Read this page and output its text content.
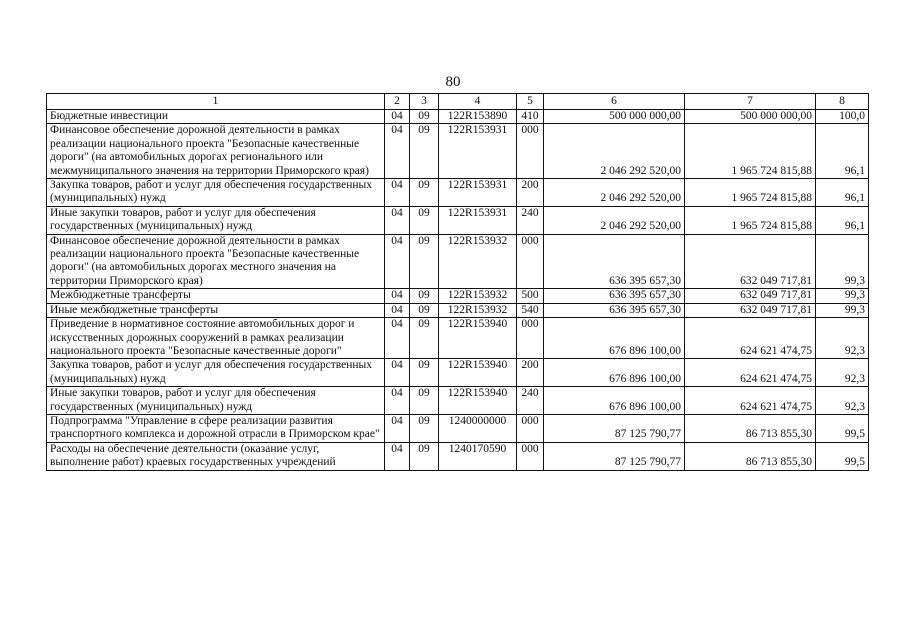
80
1	2	3	4	5	6	7	8
Бюджетные инвестиции	04	09	122R153890	410	500 000 000,00	500 000 000,00	100,0
Финансовое обеспечение дорожной деятельности в рамках реализации национального проекта "Безопасные качественные дороги" (на автомобильных дорогах регионального или межмуниципального значения на территории Приморского края)	04	09	122R153931	000	2 046 292 520,00	1 965 724 815,88	96,1
Закупка товаров, работ и услуг для обеспечения государственных (муниципальных) нужд	04	09	122R153931	200	2 046 292 520,00	1 965 724 815,88	96,1
Иные закупки товаров, работ и услуг для обеспечения государственных (муниципальных) нужд	04	09	122R153931	240	2 046 292 520,00	1 965 724 815,88	96,1
Финансовое обеспечение дорожной деятельности в рамках реализации национального проекта "Безопасные качественные дороги" (на автомобильных дорогах местного значения на территории Приморского края)	04	09	122R153932	000	636 395 657,30	632 049 717,81	99,3
Межбюджетные трансферты	04	09	122R153932	500	636 395 657,30	632 049 717,81	99,3
Иные межбюджетные трансферты	04	09	122R153932	540	636 395 657,30	632 049 717,81	99,3
Приведение в нормативное состояние автомобильных дорог и искусственных дорожных сооружений в рамках реализации национального проекта "Безопасные качественные дороги"	04	09	122R153940	000	676 896 100,00	624 621 474,75	92,3
Закупка товаров, работ и услуг для обеспечения государственных (муниципальных) нужд	04	09	122R153940	200	676 896 100,00	624 621 474,75	92,3
Иные закупки товаров, работ и услуг для обеспечения государственных (муниципальных) нужд	04	09	122R153940	240	676 896 100,00	624 621 474,75	92,3
Подпрограмма "Управление в сфере реализации развития транспортного комплекса и дорожной отрасли в Приморском крае"	04	09	1240000000	000	87 125 790,77	86 713 855,30	99,5
Расходы на обеспечение деятельности (оказание услуг, выполнение работ) краевых государственных учреждений	04	09	1240170590	000	87 125 790,77	86 713 855,30	99,5
